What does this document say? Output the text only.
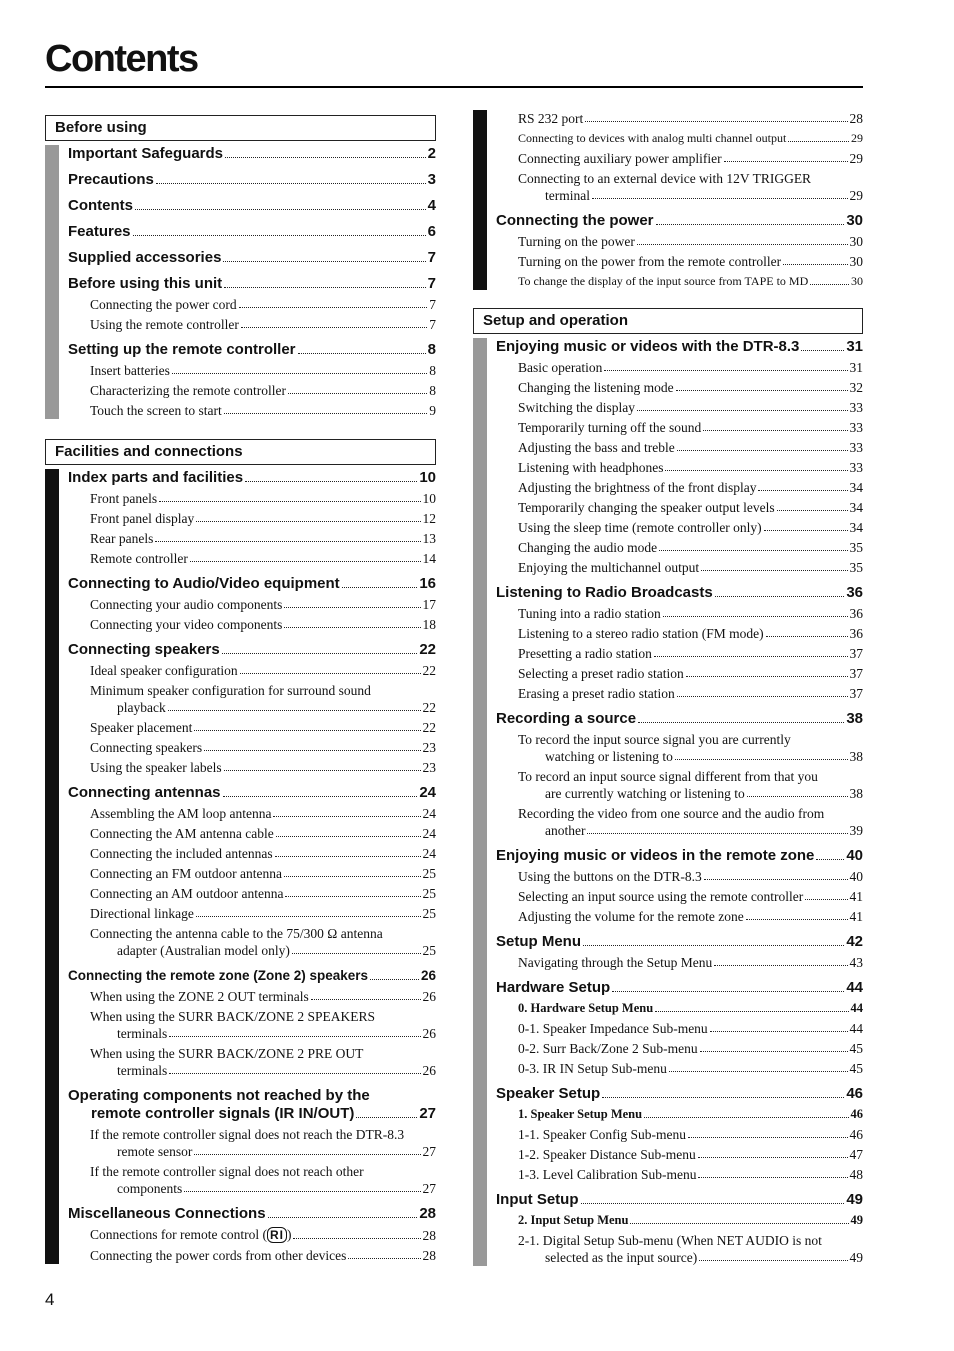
Contents
Before using
Important Safeguards	2
Precautions	3
Contents	4
Features	6
Supplied accessories	7
Before using this unit	7
Connecting the power cord	7
Using the remote controller	7
Setting up the remote controller	8
Insert batteries	8
Characterizing the remote controller	8
Touch the screen to start	9
Facilities and connections
Index parts and facilities	10
Front panels	10
Front panel display	12
Rear panels	13
Remote controller	14
Connecting to Audio/Video equipment	16
Connecting your audio components	17
Connecting your video components	18
Connecting speakers	22
Ideal speaker configuration	22
Minimum speaker configuration for surround sound
playback	22
Speaker placement	22
Connecting speakers	23
Using the speaker labels	23
Connecting antennas	24
Assembling the AM loop antenna	24
Connecting the AM antenna cable	24
Connecting the included antennas	24
Connecting an FM outdoor antenna	25
Connecting an AM outdoor antenna	25
Directional linkage	25
Connecting the antenna cable to the 75/300 Ω antenna
adapter (Australian model only)	25
Connecting the remote zone (Zone 2) speakers	26
When using the ZONE 2 OUT terminals	26
When using the SURR BACK/ZONE 2 SPEAKERS
terminals	26
When using the SURR BACK/ZONE 2 PRE OUT
terminals	26
Operating components not reached by the
remote controller signals (IR IN/OUT)	27
If the remote controller signal does not reach the DTR-8.3
remote sensor	27
If the remote controller signal does not reach other
components	27
Miscellaneous Connections	28
Connections for remote control ( RI )	28
Connecting the power cords from other devices	28
RS 232 port	28
Connecting to devices with analog multi channel output	29
Connecting auxiliary power amplifier	29
Connecting to an external device with 12V TRIGGER
terminal	29
Connecting the power	30
Turning on the power	30
Turning on the power from the remote controller	30
To change the display of the input source from TAPE to MD	30
Setup and operation
Enjoying music or videos with the DTR-8.3	31
Basic operation	31
Changing the listening mode	32
Switching the display	33
Temporarily turning off the sound	33
Adjusting the bass and treble	33
Listening with headphones	33
Adjusting the brightness of the front display	34
Temporarily changing the speaker output levels	34
Using the sleep time (remote controller only)	34
Changing the audio mode	35
Enjoying the multichannel output	35
Listening to Radio Broadcasts	36
Tuning into a radio station	36
Listening to a stereo radio station (FM mode)	36
Presetting a radio station	37
Selecting a preset radio station	37
Erasing a preset radio station	37
Recording a source	38
To record the input source signal you are currently
watching or listening to	38
To record an input source signal different from that you
are currently watching or listening to	38
Recording the video from one source and the audio from
another	39
Enjoying music or videos in the remote zone 40
Using the buttons on the DTR-8.3	40
Selecting an input source using the remote controller	41
Adjusting the volume for the remote zone	41
Setup Menu	42
Navigating through the Setup Menu	43
Hardware Setup	44
0. Hardware Setup Menu	44
0-1. Speaker Impedance Sub-menu	44
0-2. Surr Back/Zone 2 Sub-menu	45
0-3. IR IN Setup Sub-menu	45
Speaker Setup	46
1. Speaker Setup Menu	46
1-1. Speaker Config Sub-menu	46
1-2. Speaker Distance Sub-menu	47
1-3. Level Calibration Sub-menu	48
Input Setup	49
2. Input Setup Menu	49
2-1. Digital Setup Sub-menu (When NET AUDIO is not
selected as the input source)	49
4
